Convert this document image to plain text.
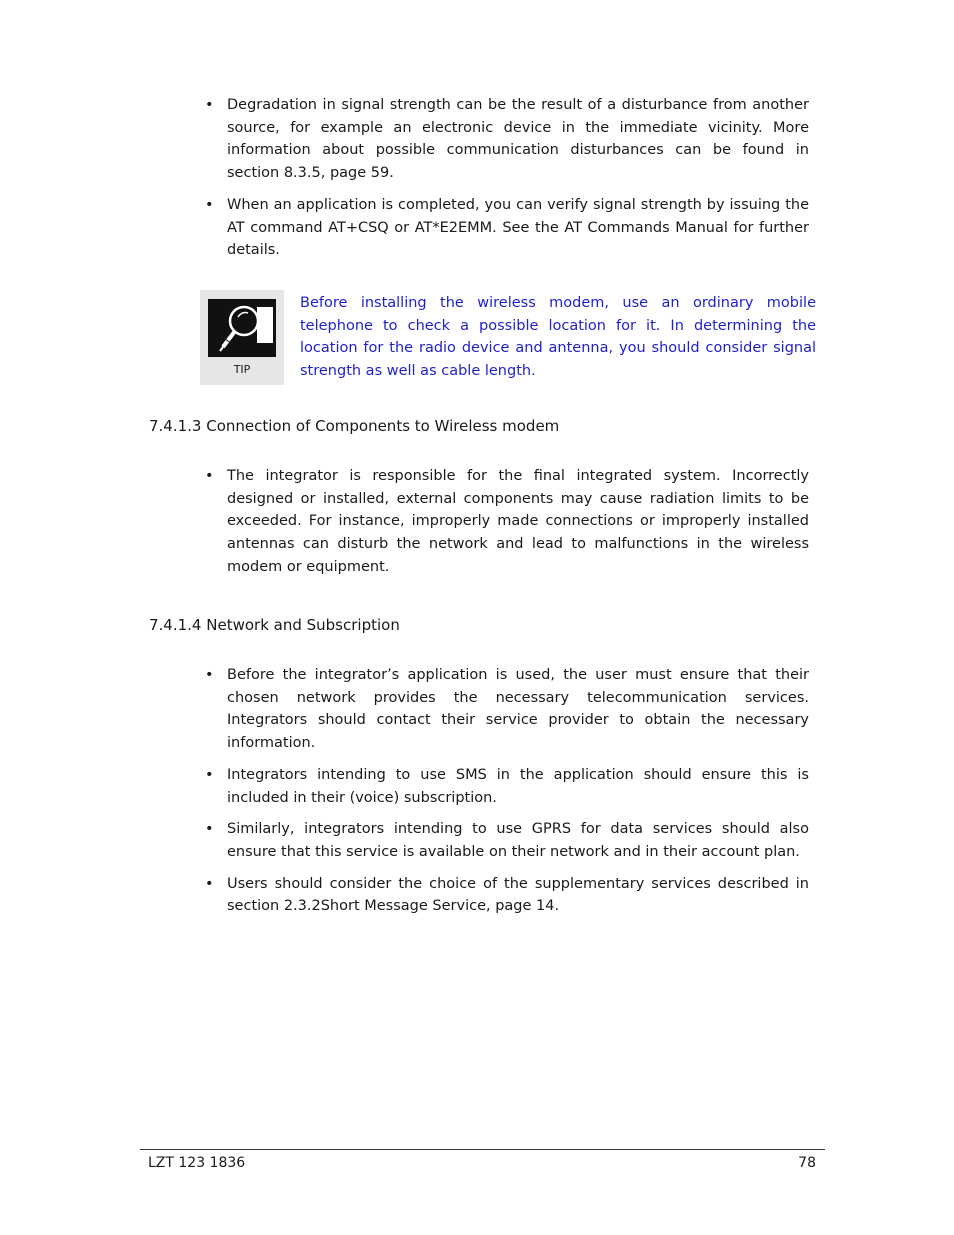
• Degradation in signal strength can be the result of a disturbance from another source, for example an electronic device in the immediate vicinity. More information about possible communication disturbances can be found in section 8.3.5, page 59.
• When an application is completed, you can verify signal strength by issuing the AT command AT+CSQ or AT*E2EMM. See the AT Commands Manual for further details.
TIP

Before installing the wireless modem, use an ordinary mobile telephone to check a possible location for it. In determining the location for the radio device and antenna, you should consider signal strength as well as cable length.

7.4.1.3 Connection of Components to Wireless modem
• The integrator is responsible for the final integrated system. Incorrectly designed or installed, external components may cause radiation limits to be exceeded. For instance, improperly made connections or improperly installed antennas can disturb the network and lead to malfunctions in the wireless modem or equipment.
7.4.1.4 Network and Subscription
• Before the integrator’s application is used, the user must ensure that their chosen network provides the necessary telecommunication services. Integrators should contact their service provider to obtain the necessary information.
• Integrators intending to use SMS in the application should ensure this is included in their (voice) subscription.
• Similarly, integrators intending to use GPRS for data services should also ensure that this service is available on their network and in their account plan.
• Users should consider the choice of the supplementary services described in section 2.3.2Short Message Service, page 14.
LZT 123 1836	78
